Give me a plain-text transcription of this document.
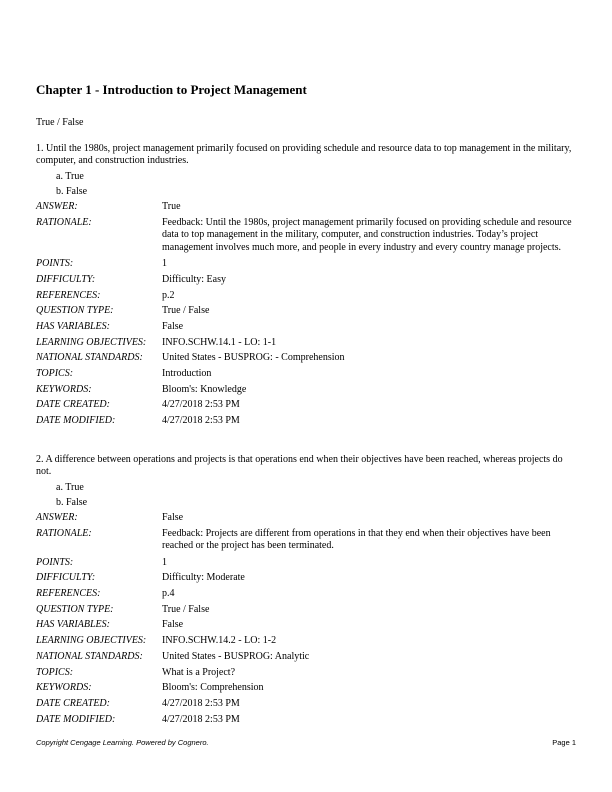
Chapter 1 - Introduction to Project Management
True / False
1. Until the 1980s, project management primarily focused on providing schedule and resource data to top management in the military, computer, and construction industries.
a. True
b. False
ANSWER:	True
RATIONALE:	Feedback: Until the 1980s, project management primarily focused on providing schedule and resource data to top management in the military, computer, and construction industries. Today’s project management involves much more, and people in every industry and every country manage projects.
POINTS:	1
DIFFICULTY:	Difficulty: Easy
REFERENCES:	p.2
QUESTION TYPE:	True / False
HAS VARIABLES:	False
LEARNING OBJECTIVES:	INFO.SCHW.14.1 - LO: 1-1
NATIONAL STANDARDS:	United States - BUSPROG: - Comprehension
TOPICS:	Introduction
KEYWORDS:	Bloom's: Knowledge
DATE CREATED:	4/27/2018 2:53 PM
DATE MODIFIED:	4/27/2018 2:53 PM
2. A difference between operations and projects is that operations end when their objectives have been reached, whereas projects do not.
a. True
b. False
ANSWER:	False
RATIONALE:	Feedback: Projects are different from operations in that they end when their objectives have been reached or the project has been terminated.
POINTS:	1
DIFFICULTY:	Difficulty: Moderate
REFERENCES:	p.4
QUESTION TYPE:	True / False
HAS VARIABLES:	False
LEARNING OBJECTIVES:	INFO.SCHW.14.2 - LO: 1-2
NATIONAL STANDARDS:	United States - BUSPROG: Analytic
TOPICS:	What is a Project?
KEYWORDS:	Bloom's: Comprehension
DATE CREATED:	4/27/2018 2:53 PM
DATE MODIFIED:	4/27/2018 2:53 PM
Copyright Cengage Learning. Powered by Cognero.	Page 1
